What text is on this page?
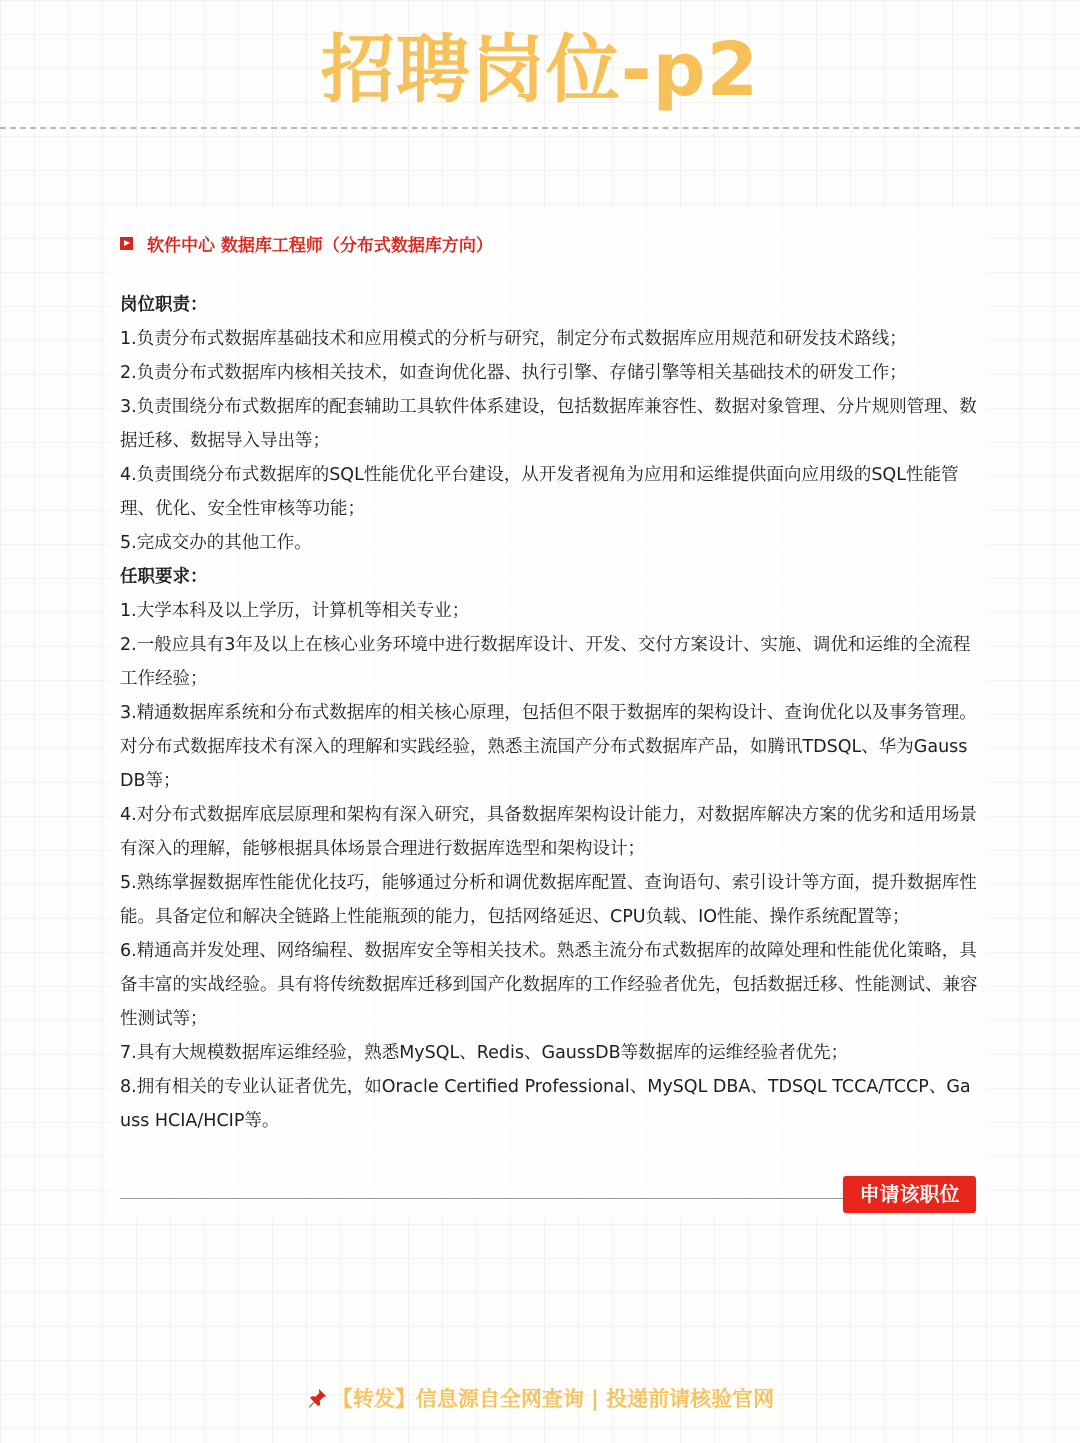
招聘岗位-p2
软件中心 数据库工程师（分布式数据库方向）
岗位职责：
1.负责分布式数据库基础技术和应用模式的分析与研究，制定分布式数据库应用规范和研发技术路线；
2.负责分布式数据库内核相关技术，如查询优化器、执行引擎、存储引擎等相关基础技术的研发工作；
3.负责围绕分布式数据库的配套辅助工具软件体系建设，包括数据库兼容性、数据对象管理、分片规则管理、数据迁移、数据导入导出等；
4.负责围绕分布式数据库的SQL性能优化平台建设，从开发者视角为应用和运维提供面向应用级的SQL性能管理、优化、安全性审核等功能；
5.完成交办的其他工作。
任职要求：
1.大学本科及以上学历，计算机等相关专业；
2.一般应具有3年及以上在核心业务环境中进行数据库设计、开发、交付方案设计、实施、调优和运维的全流程工作经验；
3.精通数据库系统和分布式数据库的相关核心原理，包括但不限于数据库的架构设计、查询优化以及事务管理。对分布式数据库技术有深入的理解和实践经验，熟悉主流国产分布式数据库产品，如腾讯TDSQL、华为GaussDB等；
4.对分布式数据库底层原理和架构有深入研究，具备数据库架构设计能力，对数据库解决方案的优劣和适用场景有深入的理解，能够根据具体场景合理进行数据库选型和架构设计；
5.熟练掌握数据库性能优化技巧，能够通过分析和调优数据库配置、查询语句、索引设计等方面，提升数据库性能。具备定位和解决全链路上性能瓶颈的能力，包括网络延迟、CPU负载、IO性能、操作系统配置等；
6.精通高并发处理、网络编程、数据库安全等相关技术。熟悉主流分布式数据库的故障处理和性能优化策略，具备丰富的实战经验。具有将传统数据库迁移到国产化数据库的工作经验者优先，包括数据迁移、性能测试、兼容性测试等；
7.具有大规模数据库运维经验，熟悉MySQL、Redis、GaussDB等数据库的运维经验者优先；
8.拥有相关的专业认证者优先，如Oracle Certified Professional、MySQL DBA、TDSQL TCCA/TCCP、Gauss HCIA/HCIP等。
申请该职位
【转发】信息源自全网查询 | 投递前请核验官网
